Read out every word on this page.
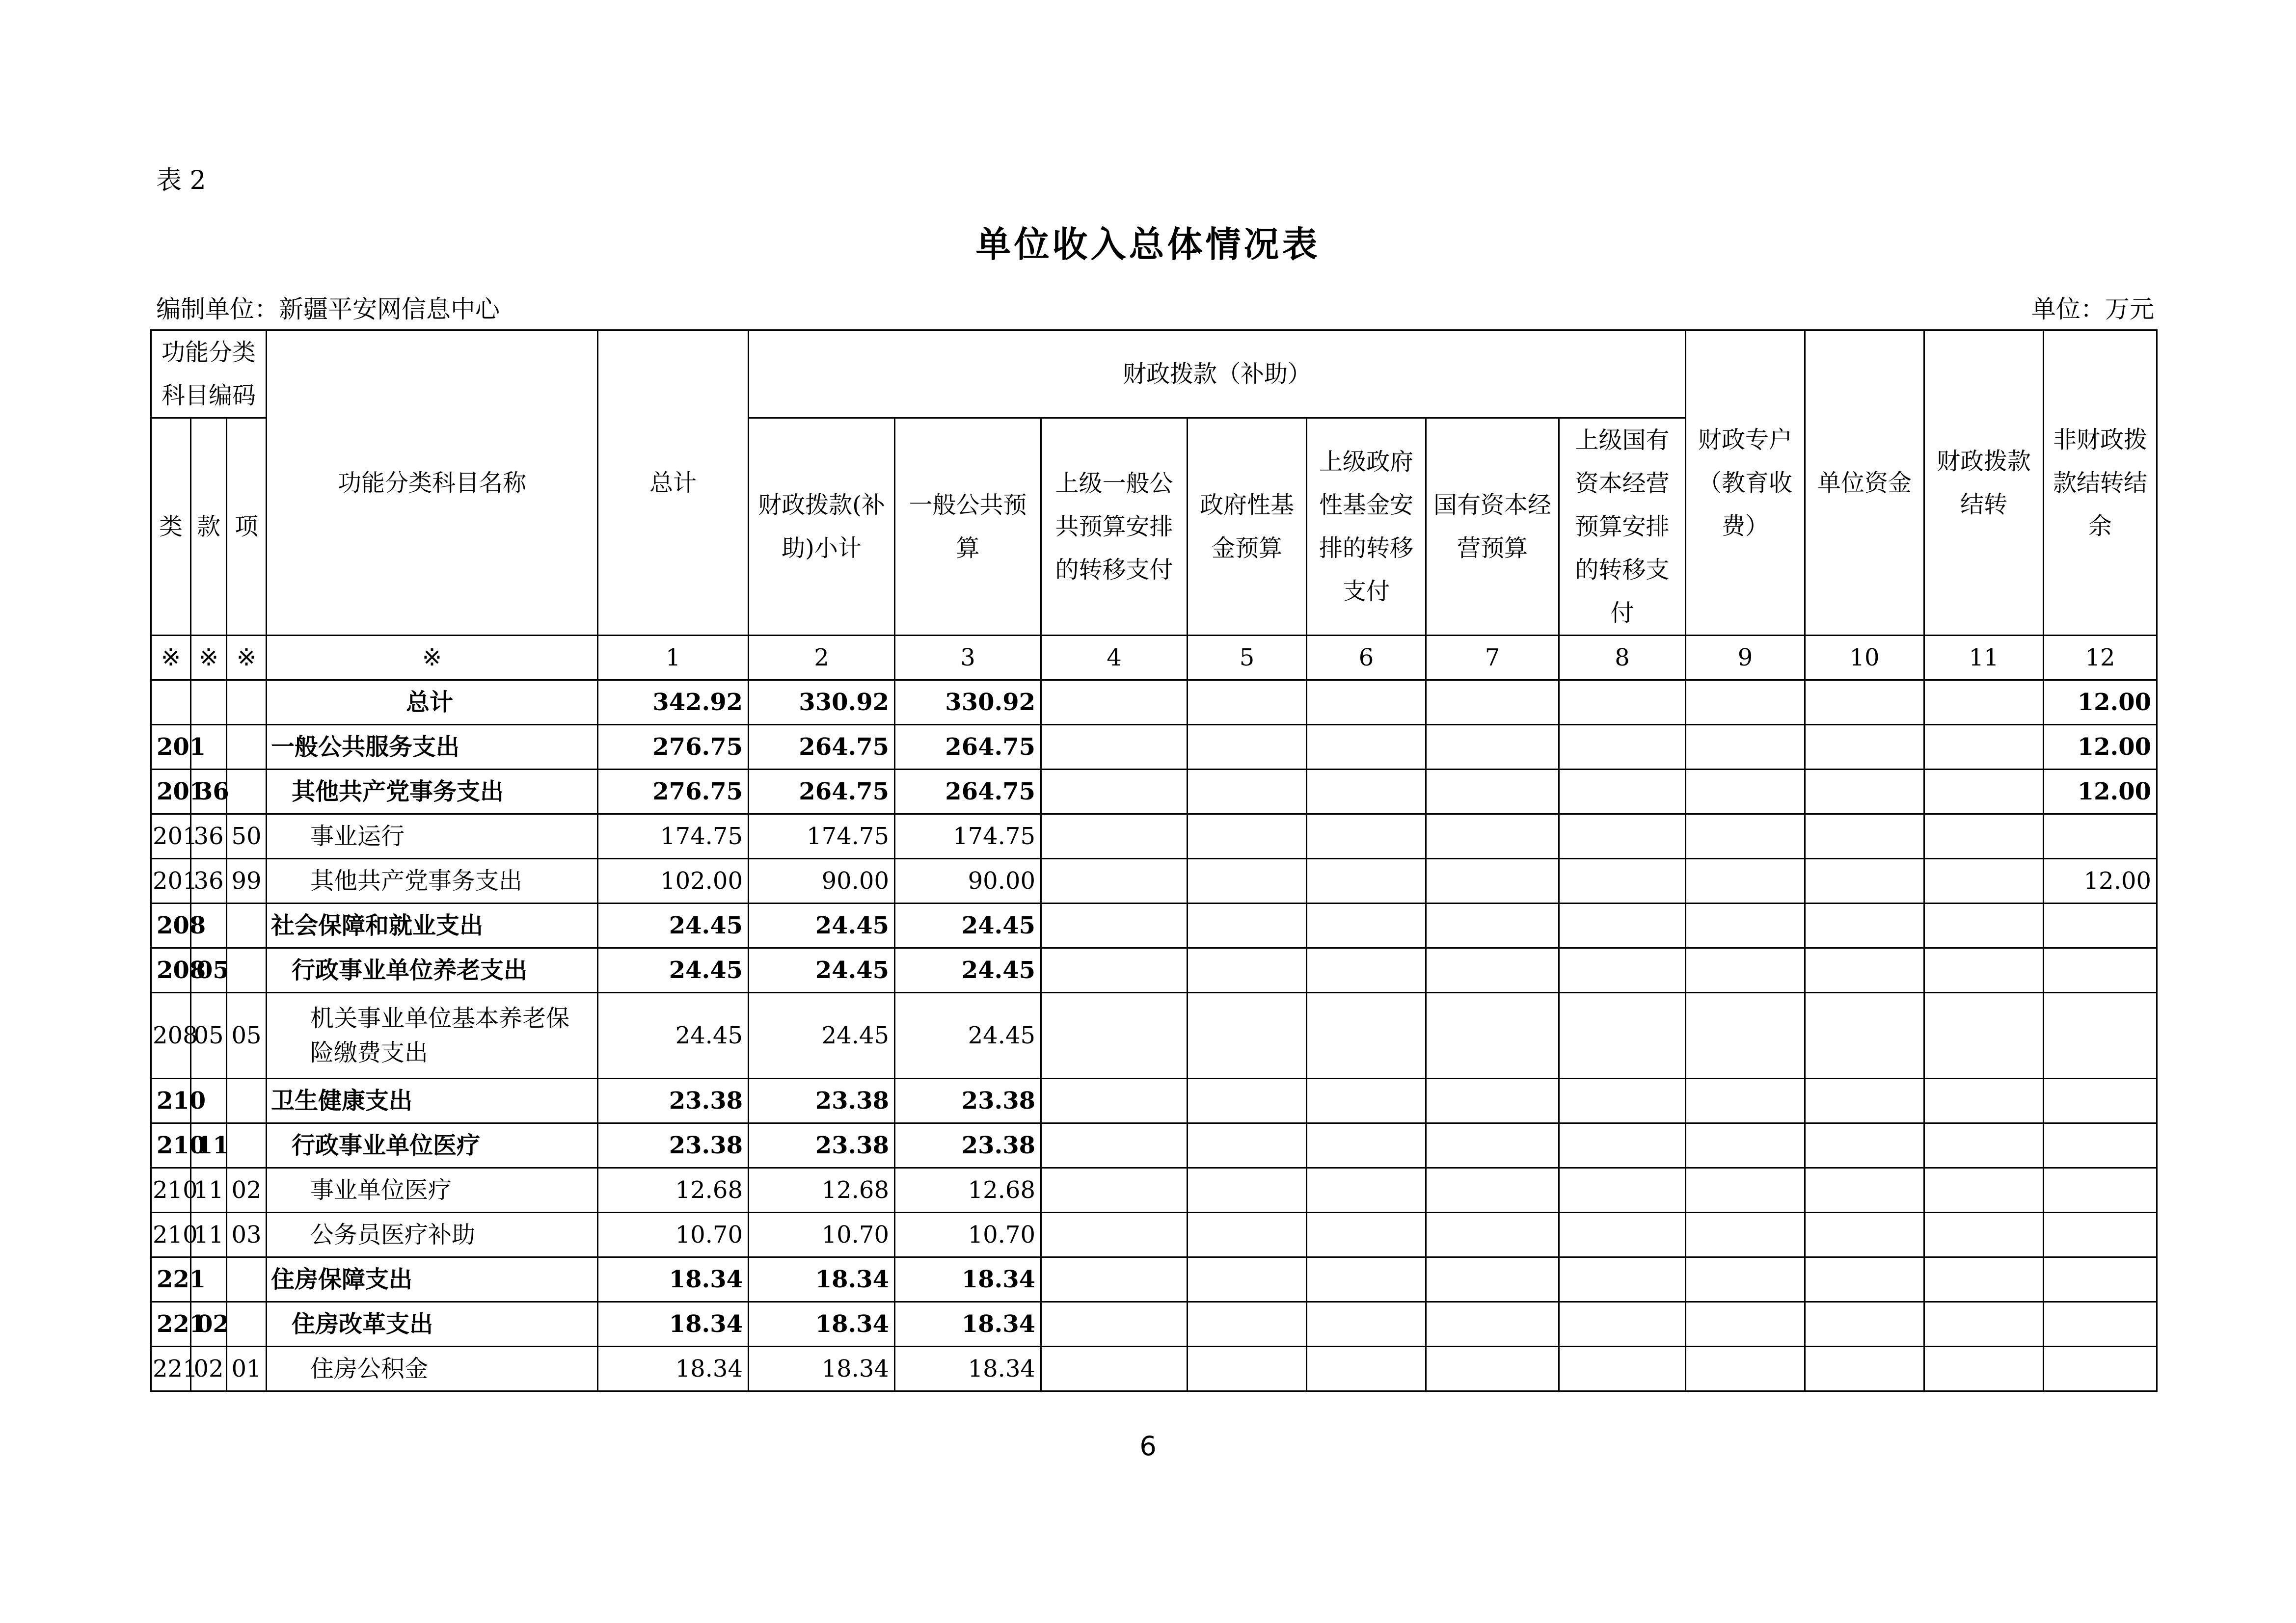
表 2
单位收入总体情况表
编制单位：新疆平安网信息中心	单位：万元
功能分类科目编码			功能分类科目名称	总计	财政拨款（补助）							财政专户（教育收费）	单位资金	财政拨款结转	非财政拨款结转结余
类	款	项			财政拨款(补助)小计	一般公共预算	上级一般公共预算安排的转移支付	政府性基金预算	上级政府性基金安排的转移支付	国有资本经营预算	上级国有资本经营预算安排的转移支付				
※	※	※	※	1	2	3	4	5	6	7	8	9	10	11	12
			总计	342.92	330.92	330.92									12.00
201			一般公共服务支出	276.75	264.75	264.75									12.00
201	36		其他共产党事务支出	276.75	264.75	264.75									12.00
201	36	50	事业运行	174.75	174.75	174.75									
201	36	99	其他共产党事务支出	102.00	90.00	90.00									12.00
208			社会保障和就业支出	24.45	24.45	24.45									
208	05		行政事业单位养老支出	24.45	24.45	24.45									
208	05	05	机关事业单位基本养老保险缴费支出	24.45	24.45	24.45									
210			卫生健康支出	23.38	23.38	23.38									
210	11		行政事业单位医疗	23.38	23.38	23.38									
210	11	02	事业单位医疗	12.68	12.68	12.68									
210	11	03	公务员医疗补助	10.70	10.70	10.70									
221			住房保障支出	18.34	18.34	18.34									
221	02		住房改革支出	18.34	18.34	18.34									
221	02	01	住房公积金	18.34	18.34	18.34									
6
